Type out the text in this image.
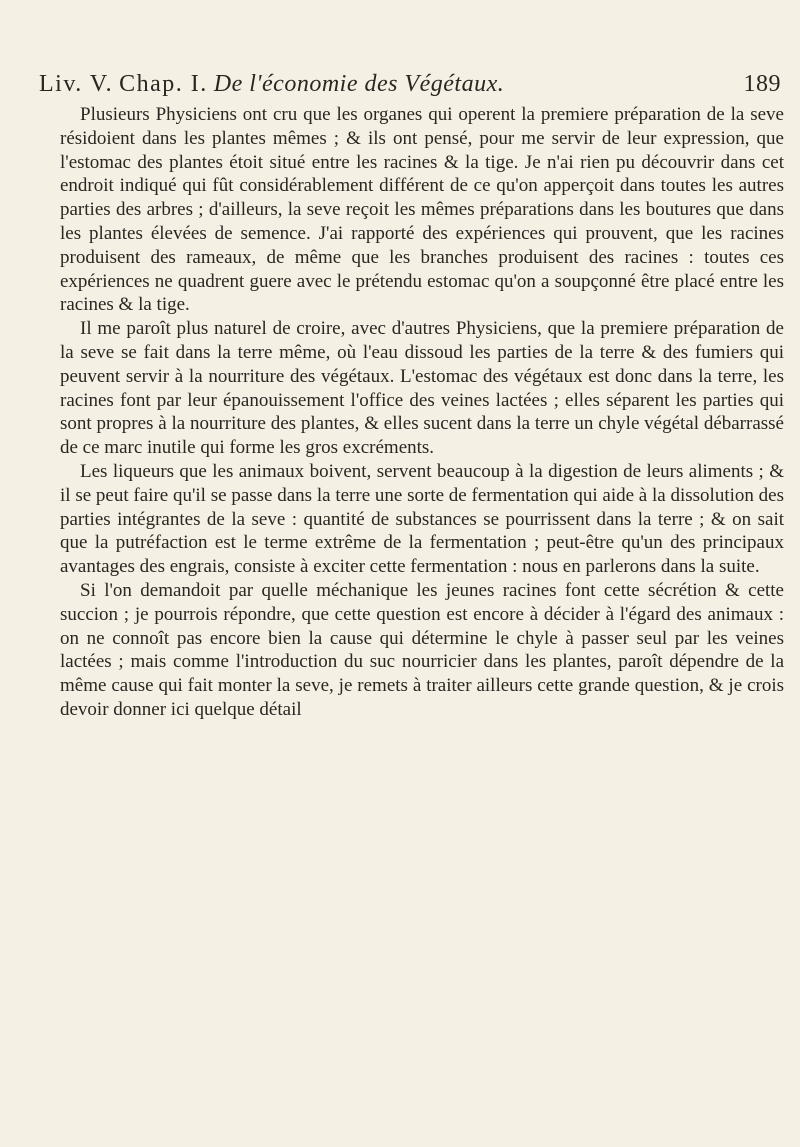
Liv. V. Chap. I. De l'économie des Végétaux.	189

Plusieurs Physiciens ont cru que les organes qui operent la premiere préparation de la seve résidoient dans les plantes mêmes ; & ils ont pensé, pour me servir de leur expression, que l'estomac des plantes étoit situé entre les racines & la tige. Je n'ai rien pu découvrir dans cet endroit indiqué qui fût considérablement différent de ce qu'on apperçoit dans toutes les autres parties des arbres ; d'ailleurs, la seve reçoit les mêmes préparations dans les boutures que dans les plantes élevées de semence. J'ai rapporté des expériences qui prouvent, que les racines produisent des rameaux, de même que les branches produisent des racines : toutes ces expériences ne quadrent guere avec le prétendu estomac qu'on a soupçonné être placé entre les racines & la tige.

Il me paroît plus naturel de croire, avec d'autres Physiciens, que la premiere préparation de la seve se fait dans la terre même, où l'eau dissoud les parties de la terre & des fumiers qui peuvent servir à la nourriture des végétaux. L'estomac des végétaux est donc dans la terre, les racines font par leur épanouissement l'office des veines lactées ; elles séparent les parties qui sont propres à la nourriture des plantes, & elles sucent dans la terre un chyle végétal débarrassé de ce marc inutile qui forme les gros excréments.

Les liqueurs que les animaux boivent, servent beaucoup à la digestion de leurs aliments ; & il se peut faire qu'il se passe dans la terre une sorte de fermentation qui aide à la dissolution des parties intégrantes de la seve : quantité de substances se pourrissent dans la terre ; & on sait que la putréfaction est le terme extrême de la fermentation ; peut-être qu'un des principaux avantages des engrais, consiste à exciter cette fermentation : nous en parlerons dans la suite.

Si l'on demandoit par quelle méchanique les jeunes racines font cette sécrétion & cette succion ; je pourrois répondre, que cette question est encore à décider à l'égard des animaux : on ne connoît pas encore bien la cause qui détermine le chyle à passer seul par les veines lactées ; mais comme l'introduction du suc nourricier dans les plantes, paroît dépendre de la même cause qui fait monter la seve, je remets à traiter ailleurs cette grande question, & je crois devoir donner ici quelque détail
